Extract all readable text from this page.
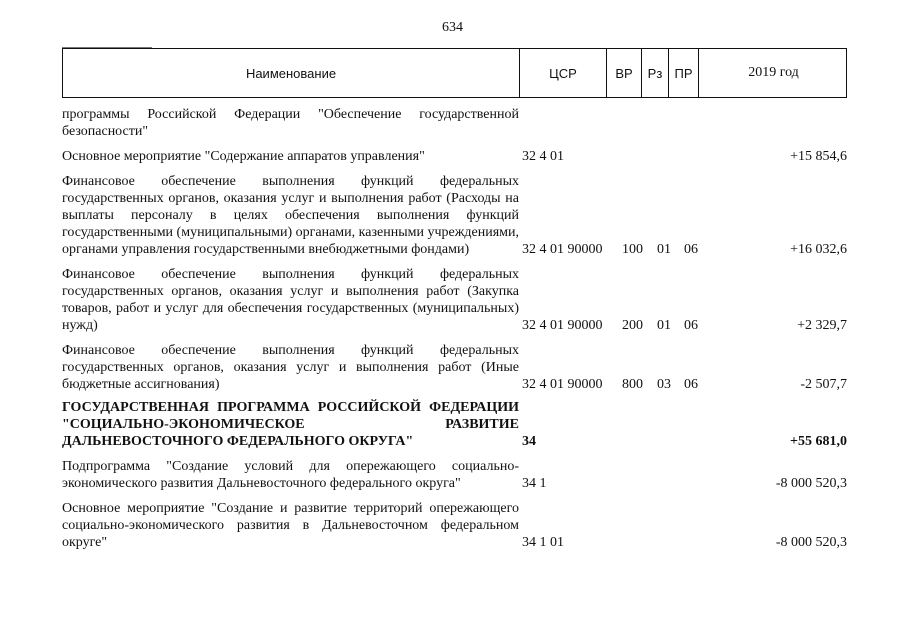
634
Наименование	ЦСР	ВР	Рз ПР	2019 год
программы Российской Федерации "Обеспечение государственной безопасности"
Основное мероприятие "Содержание аппаратов управления"	32 4 01	+15 854,6
Финансовое обеспечение выполнения функций федеральных государственных органов, оказания услуг и выполнения работ (Расходы на выплаты персоналу в целях обеспечения выполнения функций государственными (муниципальными) органами, казенными учреждениями, органами управления государственными внебюджетными фондами)	32 4 01 90000	100	01 06	+16 032,6
Финансовое обеспечение выполнения функций федеральных государственных органов, оказания услуг и выполнения работ (Закупка товаров, работ и услуг для обеспечения государственных (муниципальных) нужд)	32 4 01 90000	200	01 06	+2 329,7
Финансовое обеспечение выполнения функций федеральных государственных органов, оказания услуг и выполнения работ (Иные бюджетные ассигнования)	32 4 01 90000	800	03 06	-2 507,7
ГОСУДАРСТВЕННАЯ ПРОГРАММА РОССИЙСКОЙ ФЕДЕРАЦИИ "СОЦИАЛЬНО-ЭКОНОМИЧЕСКОЕ РАЗВИТИЕ ДАЛЬНЕВОСТОЧНОГО ФЕДЕРАЛЬНОГО ОКРУГА"	34	+55 681,0
Подпрограмма "Создание условий для опережающего социально-экономического развития Дальневосточного федерального округа"	34 1	-8 000 520,3
Основное мероприятие "Создание и развитие территорий опережающего социально-экономического развития в Дальневосточном федеральном округе"	34 1 01	-8 000 520,3
